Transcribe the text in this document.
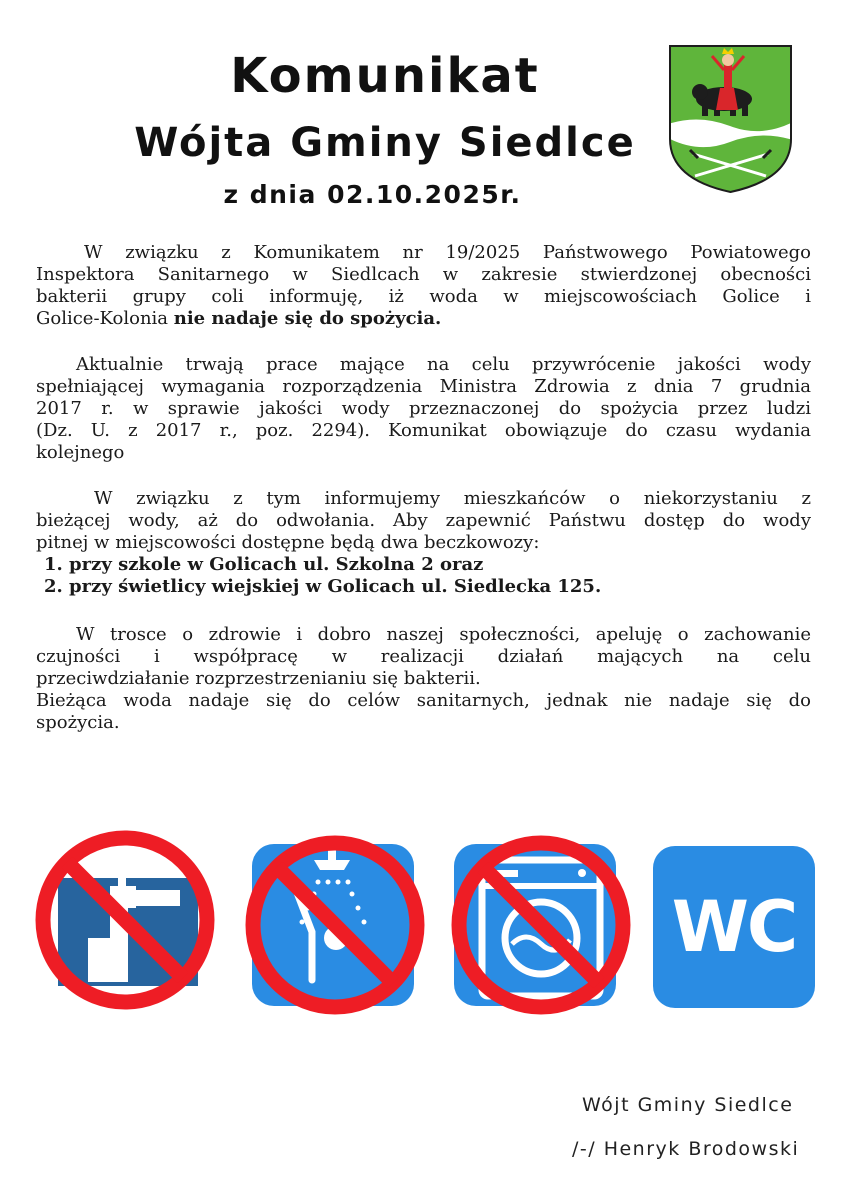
Komunikat
Wójta Gminy Siedlce
z dnia 02.10.2025r.
W związku z Komunikatem nr 19/2025 Państwowego Powiatowego
Inspektora Sanitarnego w Siedlcach w zakresie stwierdzonej obecności
bakterii grupy coli informuję, iż woda w miejscowościach Golice i
Golice-Kolonia nie nadaje się do spożycia.
Aktualnie trwają prace mające na celu przywrócenie jakości wody
spełniającej wymagania rozporządzenia Ministra Zdrowia z dnia 7 grudnia
2017 r. w sprawie jakości wody przeznaczonej do spożycia przez ludzi
(Dz. U. z 2017 r., poz. 2294). Komunikat obowiązuje do czasu wydania
kolejnego
W związku z tym informujemy mieszkańców o niekorzystaniu z
bieżącej wody, aż do odwołania. Aby zapewnić Państwu dostęp do wody
pitnej w miejscowości dostępne będą dwa beczkowozy:
1. przy szkole w Golicach ul. Szkolna 2 oraz
2. przy świetlicy wiejskiej w Golicach ul. Siedlecka 125.
W trosce o zdrowie i dobro naszej społeczności, apeluję o zachowanie
czujności i współpracę w realizacji działań mających na celu
przeciwdziałanie rozprzestrzenianiu się bakterii.
Bieżąca woda nadaje się do celów sanitarnych, jednak nie nadaje się do
spożycia.
WC
Wójt Gminy Siedlce
/-/ Henryk Brodowski
